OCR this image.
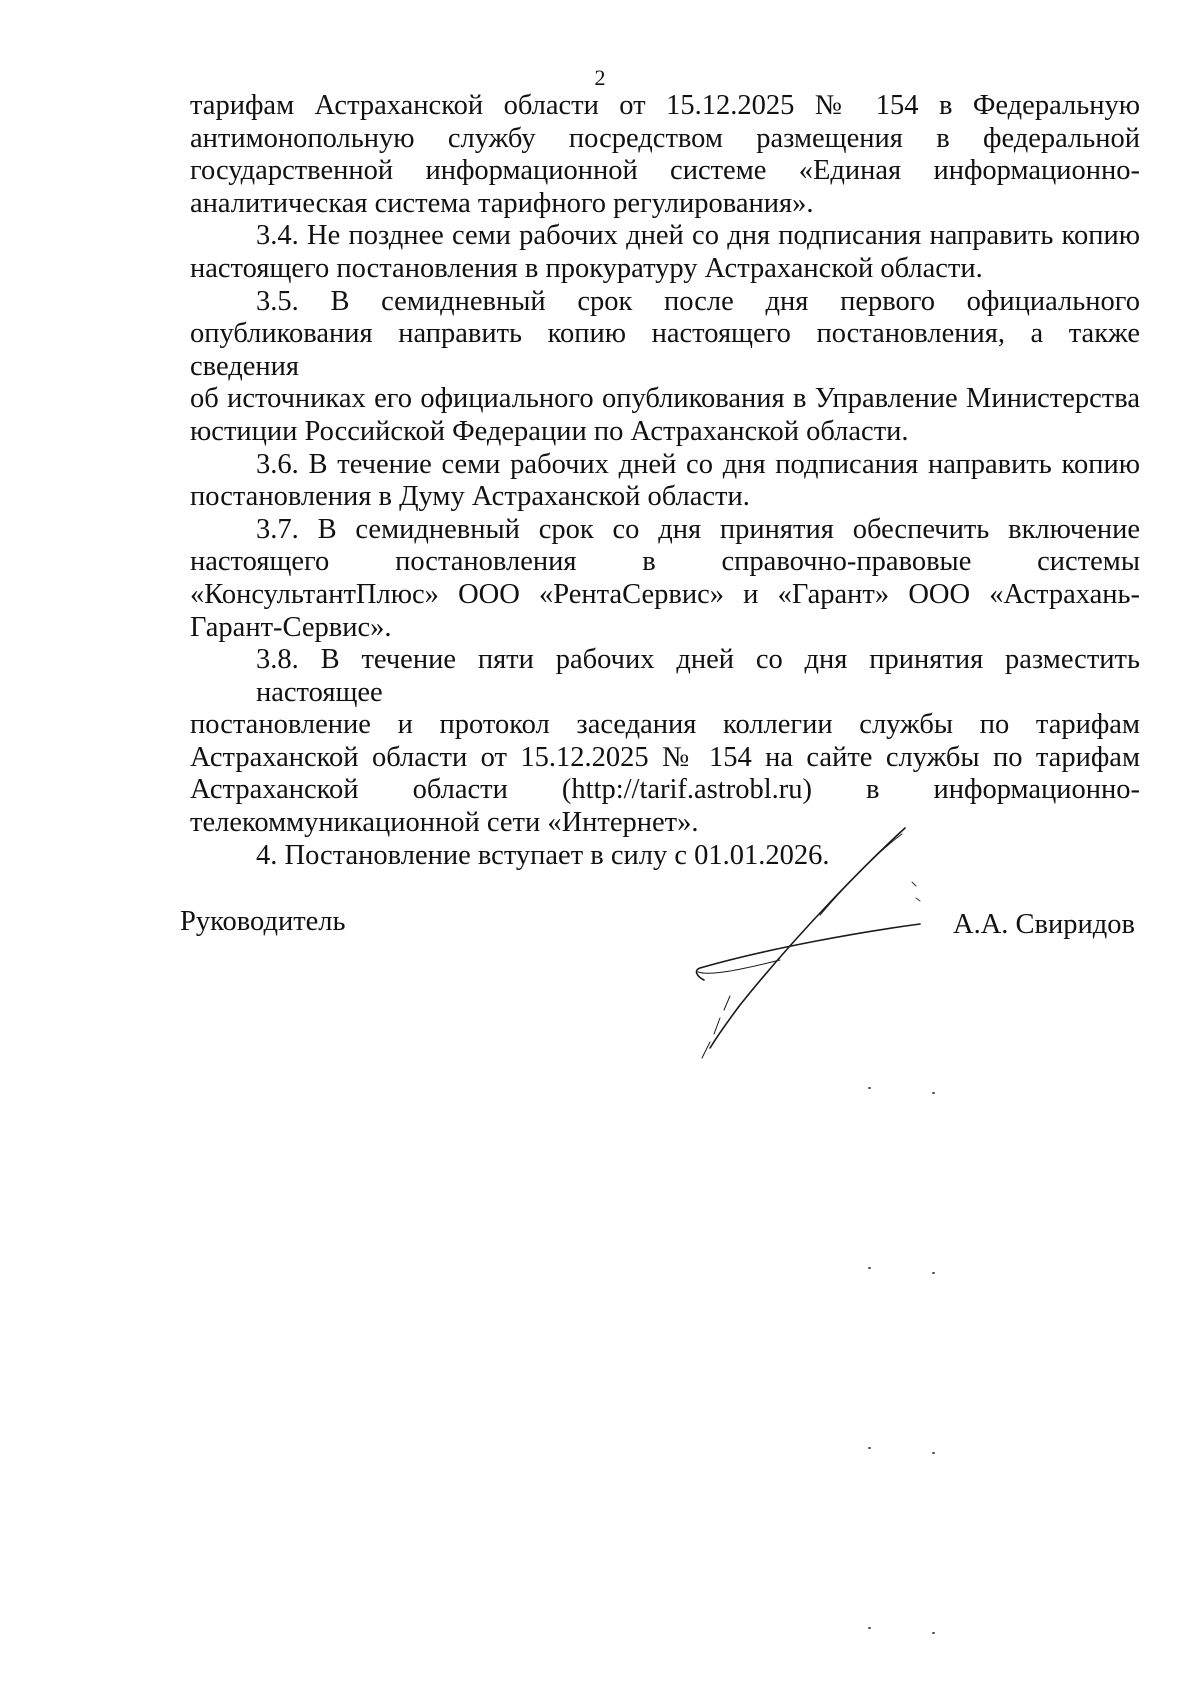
2

тарифам Астраханской области от 15.12.2025 № 154 в Федеральную
антимонопольную службу посредством размещения в федеральной
государственной информационной системе «Единая информационно-
аналитическая система тарифного регулирования».

3.4. Не позднее семи рабочих дней со дня подписания направить копию
настоящего постановления в прокуратуру Астраханской области.

3.5. В семидневный срок после дня первого официального
опубликования направить копию настоящего постановления, а также сведения
об источниках его официального опубликования в Управление Министерства
юстиции Российской Федерации по Астраханской области.

3.6. В течение семи рабочих дней со дня подписания направить копию
постановления в Думу Астраханской области.

3.7. В семидневный срок со дня принятия обеспечить включение
настоящего постановления в справочно-правовые системы
«КонсультантПлюс» ООО «РентаСервис» и «Гарант» ООО «Астрахань-
Гарант-Сервис».

3.8. В течение пяти рабочих дней со дня принятия разместить настоящее
постановление и протокол заседания коллегии службы по тарифам
Астраханской области от 15.12.2025 № 154 на сайте службы по тарифам
Астраханской области (http://tarif.astrobl.ru) в информационно-
телекоммуникационной сети «Интернет».

4. Постановление вступает в силу с 01.01.2026.

Руководитель	А.А. Свиридов
